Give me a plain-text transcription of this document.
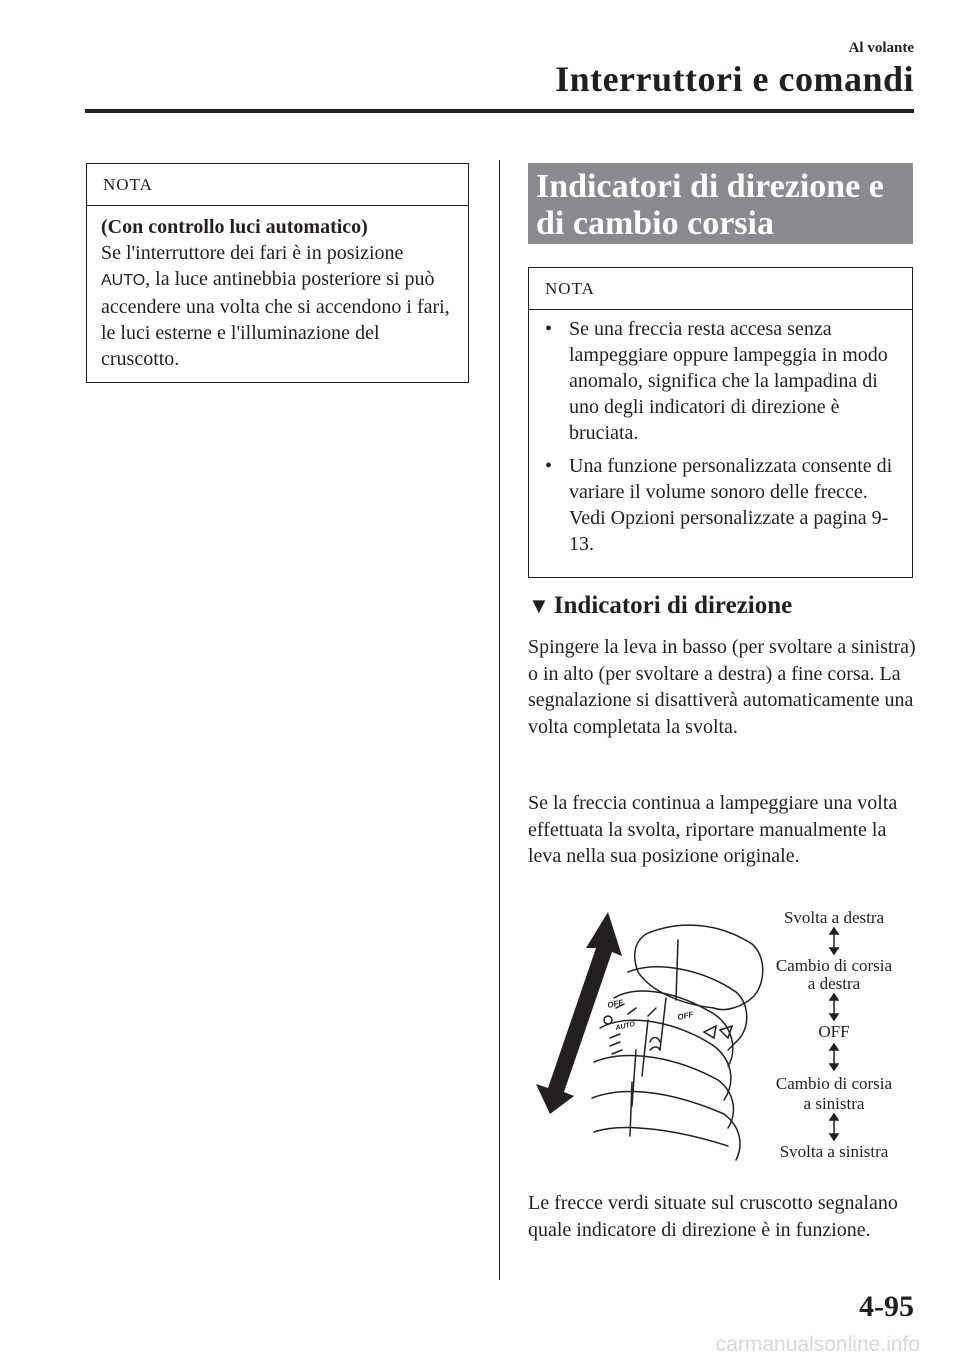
Al volante
Interruttori e comandi
NOTA

(Con controllo luci automatico)

Se l'interruttore dei fari è in posizione AUTO, la luce antinebbia posteriore si può accendere una volta che si accendono i fari, le luci esterne e l'illuminazione del cruscotto.

Indicatori di direzione e di cambio corsia
NOTA
• Se una freccia resta accesa senza lampeggiare oppure lampeggia in modo anomalo, significa che la lampadina di uno degli indicatori di direzione è bruciata.
• Una funzione personalizzata consente di variare il volume sonoro delle frecce.
Vedi Opzioni personalizzate a pagina 9-13.
▼ Indicatori di direzione

Spingere la leva in basso (per svoltare a sinistra) o in alto (per svoltare a destra) a fine corsa. La segnalazione si disattiverà automaticamente una volta completata la svolta.

Se la freccia continua a lampeggiare una volta effettuata la svolta, riportare manualmente la leva nella sua posizione originale.

OFF
OFF
AUTO
Svolta a destra
Cambio di corsia
a destra
OFF
Cambio di corsia
a sinistra
Svolta a sinistra

Le frecce verdi situate sul cruscotto segnalano quale indicatore di direzione è in funzione.

4-95
carmanualsonline.info
